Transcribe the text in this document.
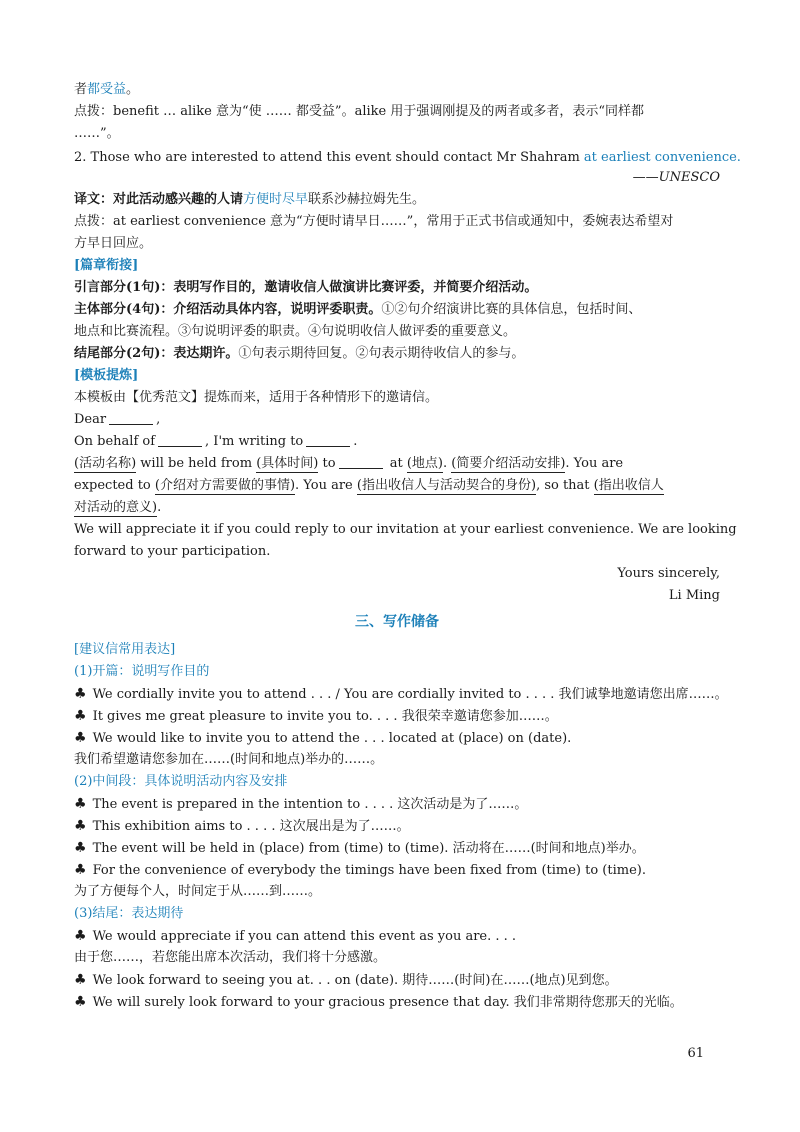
者都受益。
点拨：benefit … alike 意为“使 …… 都受益”。alike 用于强调刚提及的两者或多者，表示“同样都
……”。
2. Those who are interested to attend this event should contact Mr Shahram at earliest convenience.
——UNESCO
译文：对此活动感兴趣的人请方便时尽早联系沙赫拉姆先生。
点拨：at earliest convenience 意为“方便时请早日……”，常用于正式书信或通知中，委婉表达希望对
方早日回应。
[篇章衔接]
引言部分(1句)：表明写作目的，邀请收信人做演讲比赛评委，并简要介绍活动。
主体部分(4句)：介绍活动具体内容，说明评委职责。①②句介绍演讲比赛的具体信息，包括时间、
地点和比赛流程。③句说明评委的职责。④句说明收信人做评委的重要意义。
结尾部分(2句)：表达期许。①句表示期待回复。②句表示期待收信人的参与。
[模板提炼]
本模板由【优秀范文】提炼而来，适用于各种情形下的邀请信。
Dear	,
On behalf of	, I'm writing to	.
(活动名称) will be held from (具体时间) to	at (地点). (简要介绍活动安排). You are
expected to (介绍对方需要做的事情). You are (指出收信人与活动契合的身份), so that (指出收信人
对活动的意义).
We will appreciate it if you could reply to our invitation at your earliest convenience. We are looking
forward to your participation.
Yours sincerely,
Li Ming
三、写作储备
[建议信常用表达]
(1)开篇：说明写作目的
♣ We cordially invite you to attend . . . / You are cordially invited to . . . . 我们诚挚地邀请您出席……。
♣ It gives me great pleasure to invite you to. . . . 我很荣幸邀请您参加……。
♣ We would like to invite you to attend the . . . located at (place) on (date).
我们希望邀请您参加在……(时间和地点)举办的……。
(2)中间段：具体说明活动内容及安排
♣ The event is prepared in the intention to . . . . 这次活动是为了……。
♣ This exhibition aims to . . . . 这次展出是为了……。
♣ The event will be held in (place) from (time) to (time). 活动将在……(时间和地点)举办。
♣ For the convenience of everybody the timings have been fixed from (time) to (time).
为了方便每个人，时间定于从……到……。
(3)结尾：表达期待
♣ We would appreciate if you can attend this event as you are. . . .
由于您……，若您能出席本次活动，我们将十分感激。
♣ We look forward to seeing you at. . . on (date). 期待……(时间)在……(地点)见到您。
♣ We will surely look forward to your gracious presence that day. 我们非常期待您那天的光临。
61
